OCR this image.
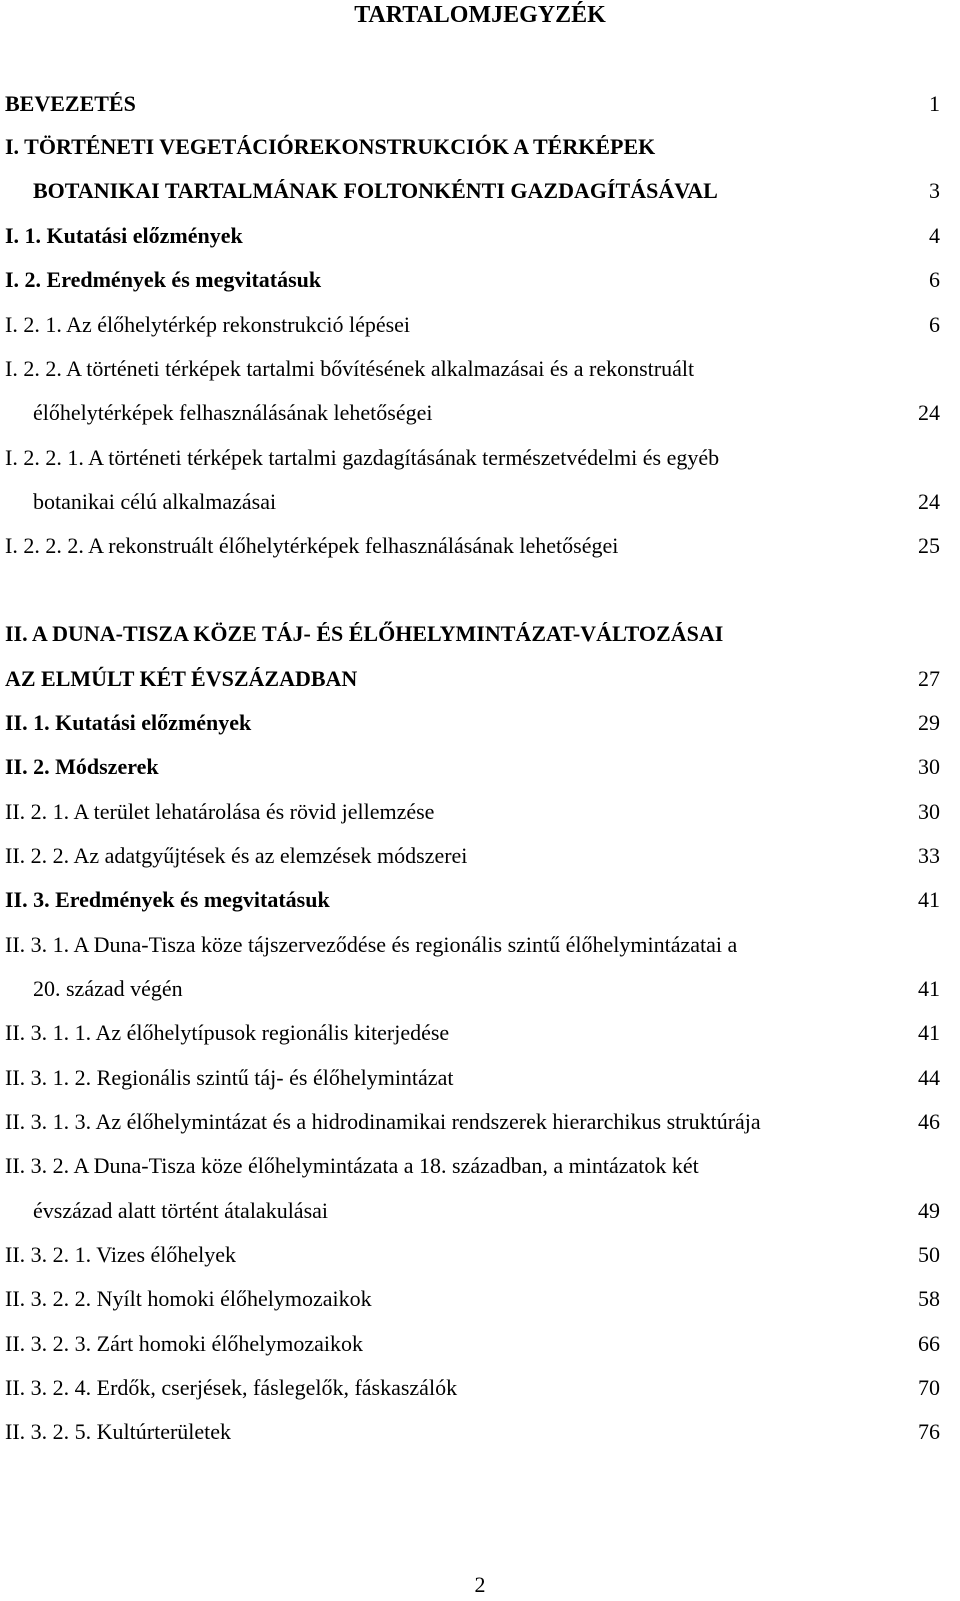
TARTALOMJEGYZÉK
BEVEZETÉS	1
I. TÖRTÉNETI VEGETÁCIÓREKONSTRUKCIÓK A TÉRKÉPEK
BOTANIKAI TARTALMÁNAK FOLTONKÉNTI GAZDAGÍTÁSÁVAL	3
I. 1. Kutatási előzmények	4
I. 2. Eredmények és megvitatásuk	6
I. 2. 1. Az élőhelytérkép rekonstrukció lépései	6
I. 2. 2. A történeti térképek tartalmi bővítésének alkalmazásai és a rekonstruált
élőhelytérképek felhasználásának lehetőségei	24
I. 2. 2. 1. A történeti térképek tartalmi gazdagításának természetvédelmi és egyéb
botanikai célú alkalmazásai	24
I. 2. 2. 2. A rekonstruált élőhelytérképek felhasználásának lehetőségei	25
II. A DUNA-TISZA KÖZE TÁJ- ÉS ÉLŐHELYMINTÁZAT-VÁLTOZÁSAI
AZ ELMÚLT KÉT ÉVSZÁZADBAN	27
II. 1. Kutatási előzmények	29
II. 2. Módszerek	30
II. 2. 1. A terület lehatárolása és rövid jellemzése	30
II. 2. 2. Az adatgyűjtések és az elemzések módszerei	33
II. 3. Eredmények és megvitatásuk	41
II. 3. 1. A Duna-Tisza köze tájszerveződése és regionális szintű élőhelymintázatai a
20. század végén	41
II. 3. 1. 1. Az élőhelytípusok regionális kiterjedése	41
II. 3. 1. 2. Regionális szintű táj- és élőhelymintázat	44
II. 3. 1. 3. Az élőhelymintázat és a hidrodinamikai rendszerek hierarchikus struktúrája	46
II. 3. 2. A Duna-Tisza köze élőhelymintázata a 18. században, a mintázatok két
évszázad alatt történt átalakulásai	49
II. 3. 2. 1. Vizes élőhelyek	50
II. 3. 2. 2. Nyílt homoki élőhelymozaikok	58
II. 3. 2. 3. Zárt homoki élőhelymozaikok	66
II. 3. 2. 4. Erdők, cserjések, fáslegelők, fáskaszálók	70
II. 3. 2. 5. Kultúrterületek	76
2
